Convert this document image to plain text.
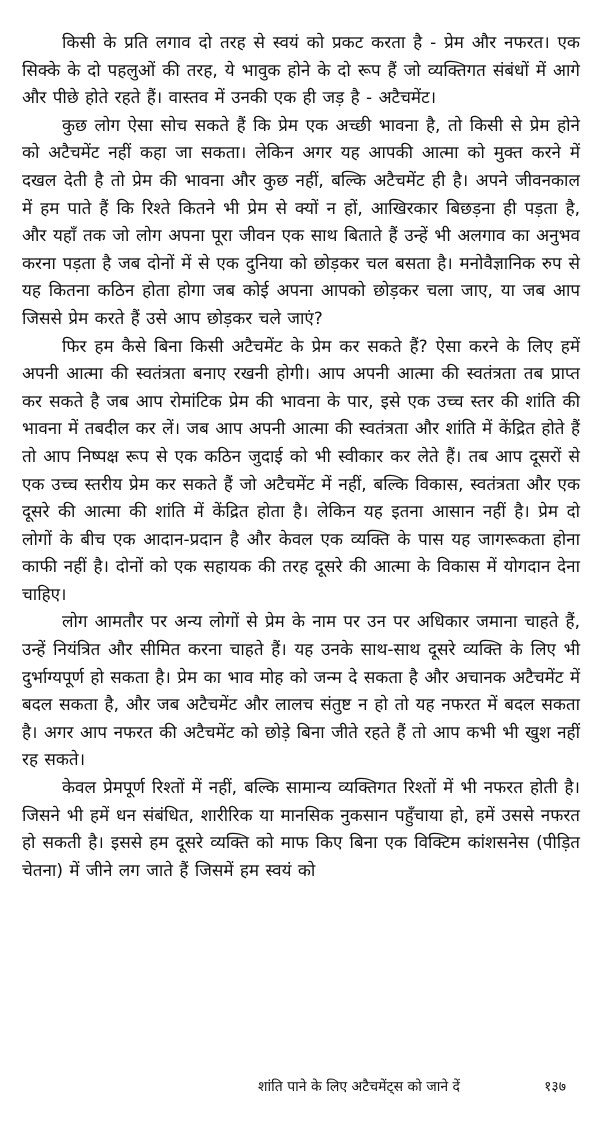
किसी के प्रति लगाव दो तरह से स्वयं को प्रकट करता है - प्रेम और नफरत। एक सिक्के के दो पहलुओं की तरह, ये भावुक होने के दो रूप हैं जो व्यक्तिगत संबंधों में आगे और पीछे होते रहते हैं। वास्तव में उनकी एक ही जड़ है - अटैचमेंट।

कुछ लोग ऐसा सोच सकते हैं कि प्रेम एक अच्छी भावना है, तो किसी से प्रेम होने को अटैचमेंट नहीं कहा जा सकता। लेकिन अगर यह आपकी आत्मा को मुक्त करने में दखल देती है तो प्रेम की भावना और कुछ नहीं, बल्कि अटैचमेंट ही है। अपने जीवनकाल में हम पाते हैं कि रिश्ते कितने भी प्रेम से क्यों न हों, आखिरकार बिछड़ना ही पड़ता है, और यहाँ तक जो लोग अपना पूरा जीवन एक साथ बिताते हैं उन्हें भी अलगाव का अनुभव करना पड़ता है जब दोनों में से एक दुनिया को छोड़कर चल बसता है। मनोवैज्ञानिक रुप से यह कितना कठिन होता होगा जब कोई अपना आपको छोड़कर चला जाए, या जब आप जिससे प्रेम करते हैं उसे आप छोड़कर चले जाएं?

फिर हम कैसे बिना किसी अटैचमेंट के प्रेम कर सकते हैं? ऐसा करने के लिए हमें अपनी आत्मा की स्वतंत्रता बनाए रखनी होगी। आप अपनी आत्मा की स्वतंत्रता तब प्राप्त कर सकते है जब आप रोमांटिक प्रेम की भावना के पार, इसे एक उच्च स्तर की शांति की भावना में तबदील कर लें। जब आप अपनी आत्मा की स्वतंत्रता और शांति में केंद्रित होते हैं तो आप निष्पक्ष रूप से एक कठिन जुदाई को भी स्वीकार कर लेते हैं। तब आप दूसरों से एक उच्च स्तरीय प्रेम कर सकते हैं जो अटैचमेंट में नहीं, बल्कि विकास, स्वतंत्रता और एक दूसरे की आत्मा की शांति में केंद्रित होता है। लेकिन यह इतना आसान नहीं है। प्रेम दो लोगों के बीच एक आदान-प्रदान है और केवल एक व्यक्ति के पास यह जागरूकता होना काफी नहीं है। दोनों को एक सहायक की तरह दूसरे की आत्मा के विकास में योगदान देना चाहिए।

लोग आमतौर पर अन्य लोगों से प्रेम के नाम पर उन पर अधिकार जमाना चाहते हैं, उन्हें नियंत्रित और सीमित करना चाहते हैं। यह उनके साथ-साथ दूसरे व्यक्ति के लिए भी दुर्भाग्यपूर्ण हो सकता है। प्रेम का भाव मोह को जन्म दे सकता है और अचानक अटैचमेंट में बदल सकता है, और जब अटैचमेंट और लालच संतुष्ट न हो तो यह नफरत में बदल सकता है। अगर आप नफरत की अटैचमेंट को छोड़े बिना जीते रहते हैं तो आप कभी भी खुश नहीं रह सकते।

केवल प्रेमपूर्ण रिश्तों में नहीं, बल्कि सामान्य व्यक्तिगत रिश्तों में भी नफरत होती है। जिसने भी हमें धन संबंधित, शारीरिक या मानसिक नुकसान पहुँचाया हो, हमें उससे नफरत हो सकती है। इससे हम दूसरे व्यक्ति को माफ किए बिना एक विक्टिम कांशसनेस (पीड़ित चेतना) में जीने लग जाते हैं जिसमें हम स्वयं को

शांति पाने के लिए अटैचमेंट्स को जाने दें	१३७
